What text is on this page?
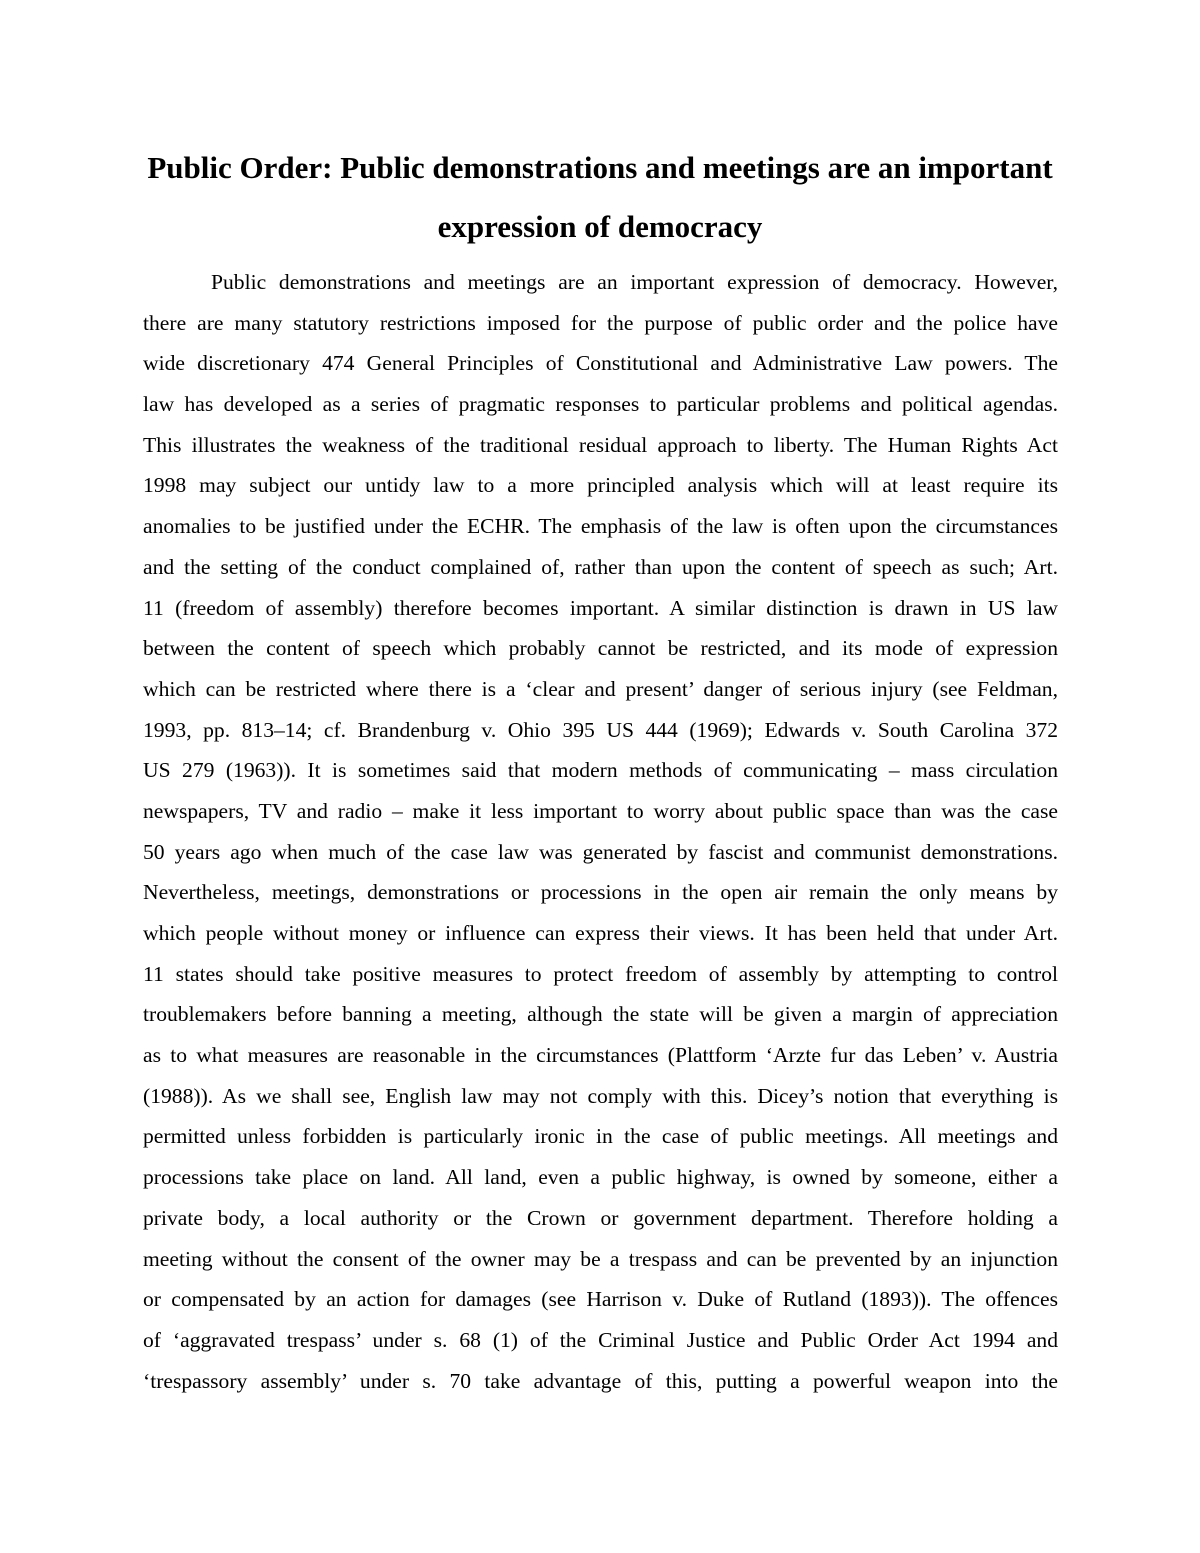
Public Order: Public demonstrations and meetings are an important expression of democracy
Public demonstrations and meetings are an important expression of democracy. However,
there are many statutory restrictions imposed for the purpose of public order and the police have
wide discretionary 474 General Principles of Constitutional and Administrative Law powers. The
law has developed as a series of pragmatic responses to particular problems and political agendas.
This illustrates the weakness of the traditional residual approach to liberty. The Human Rights Act
1998 may subject our untidy law to a more principled analysis which will at least require its
anomalies to be justified under the ECHR. The emphasis of the law is often upon the circumstances
and the setting of the conduct complained of, rather than upon the content of speech as such; Art.
11 (freedom of assembly) therefore becomes important. A similar distinction is drawn in US law
between the content of speech which probably cannot be restricted, and its mode of expression
which can be restricted where there is a ‘clear and present’ danger of serious injury (see Feldman,
1993, pp. 813–14; cf. Brandenburg v. Ohio 395 US 444 (1969); Edwards v. South Carolina 372
US 279 (1963)). It is sometimes said that modern methods of communicating – mass circulation
newspapers, TV and radio – make it less important to worry about public space than was the case
50 years ago when much of the case law was generated by fascist and communist demonstrations.
Nevertheless, meetings, demonstrations or processions in the open air remain the only means by
which people without money or influence can express their views. It has been held that under Art.
11 states should take positive measures to protect freedom of assembly by attempting to control
troublemakers before banning a meeting, although the state will be given a margin of appreciation
as to what measures are reasonable in the circumstances (Plattform ‘Arzte fur das Leben’ v. Austria
(1988)). As we shall see, English law may not comply with this. Dicey’s notion that everything is
permitted unless forbidden is particularly ironic in the case of public meetings. All meetings and
processions take place on land. All land, even a public highway, is owned by someone, either a
private body, a local authority or the Crown or government department. Therefore holding a
meeting without the consent of the owner may be a trespass and can be prevented by an injunction
or compensated by an action for damages (see Harrison v. Duke of Rutland (1893)). The offences
of ‘aggravated trespass’ under s. 68 (1) of the Criminal Justice and Public Order Act 1994 and
‘trespassory assembly’ under s. 70 take advantage of this, putting a powerful weapon into the
